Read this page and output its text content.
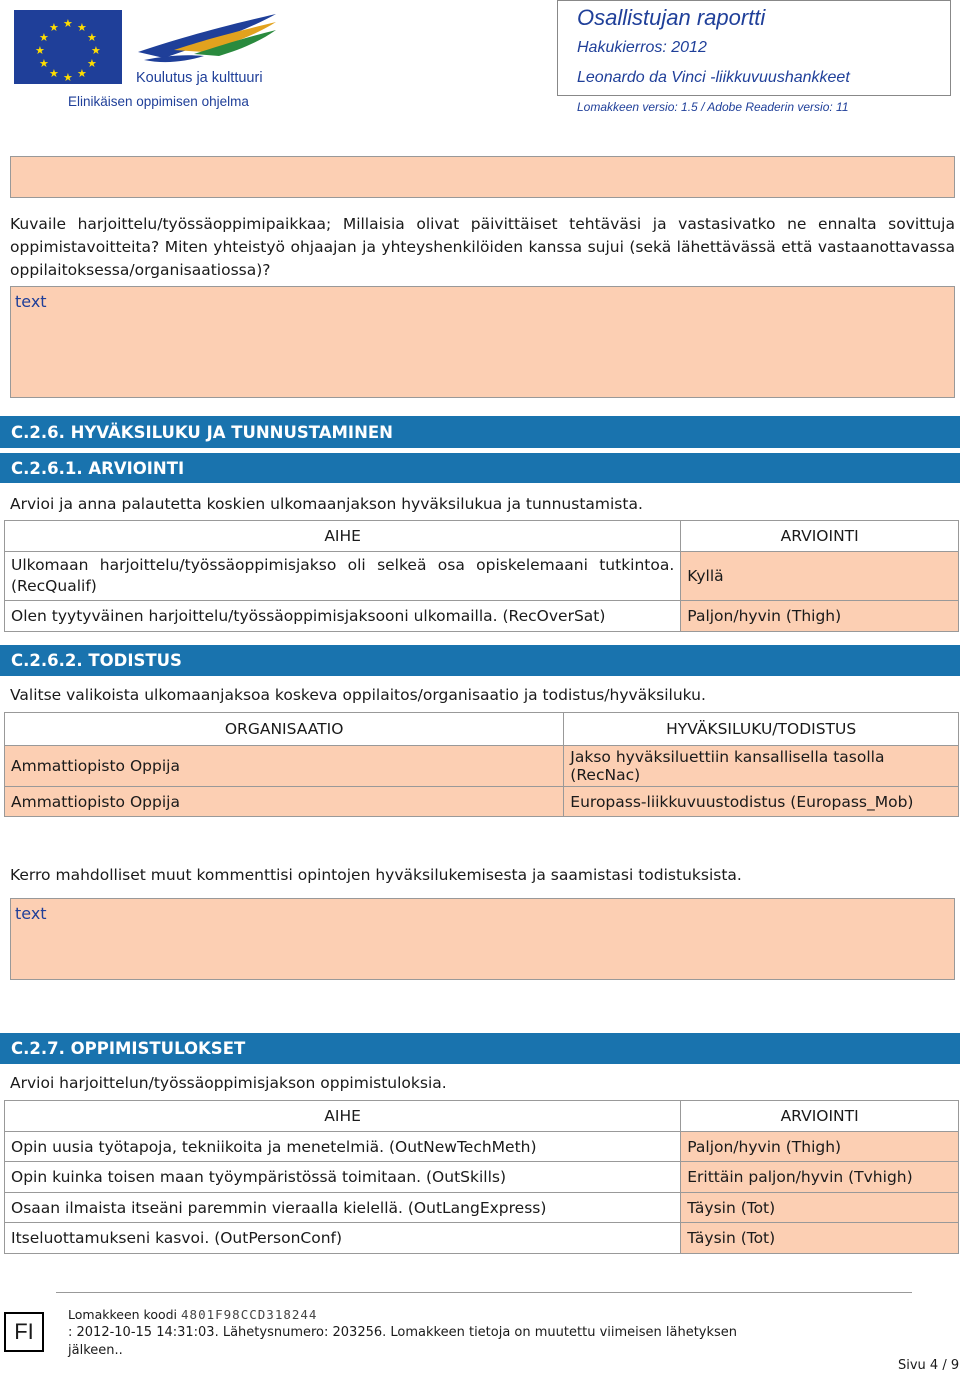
★ ★
★
★
★
★
★
★
★
★
★
★
Koulutus ja kulttuuri
Elinikäisen oppimisen ohjelma
Osallistujan raportti
Hakukierros: 2012
Leonardo da Vinci -liikkuvuushankkeet
Lomakkeen versio: 1.5 / Adobe Readerin versio: 11
Kuvaile harjoittelu/työssäoppimipaikkaa; Millaisia olivat päivittäiset tehtäväsi ja vastasivatko ne ennalta sovittuja oppimistavoitteita? Miten yhteistyö ohjaajan ja yhteyshenkilöiden kanssa sujui (sekä lähettävässä että vastaanottavassa oppilaitoksessa/organisaatiossa)?
text
C.2.6. HYVÄKSILUKU JA TUNNUSTAMINEN
C.2.6.1. ARVIOINTI
Arvioi ja anna palautetta koskien ulkomaanjakson hyväksilukua ja tunnustamista.
AIHE	ARVIOINTI
Ulkomaan harjoittelu/työssäoppimisjakso oli selkeä osa opiskelemaani tutkintoa. (RecQualif)	Kyllä
Olen tyytyväinen harjoittelu/työssäoppimisjaksooni ulkomailla. (RecOverSat)	Paljon/hyvin (Thigh)
C.2.6.2. TODISTUS
Valitse valikoista ulkomaanjaksoa koskeva oppilaitos/organisaatio ja todistus/hyväksiluku.
ORGANISAATIO	HYVÄKSILUKU/TODISTUS
Ammattiopisto Oppija	Jakso hyväksiluettiin kansallisella tasolla (RecNac)
Ammattiopisto Oppija	Europass-liikkuvuustodistus (Europass_Mob)
Kerro mahdolliset muut kommenttisi opintojen hyväksilukemisesta ja saamistasi todistuksista.
text
C.2.7. OPPIMISTULOKSET
Arvioi harjoittelun/työssäoppimisjakson oppimistuloksia.
AIHE	ARVIOINTI
Opin uusia työtapoja, tekniikoita ja menetelmiä. (OutNewTechMeth)	Paljon/hyvin (Thigh)
Opin kuinka toisen maan työympäristössä toimitaan. (OutSkills)	Erittäin paljon/hyvin (Tvhigh)
Osaan ilmaista itseäni paremmin vieraalla kielellä. (OutLangExpress)	Täysin (Tot)
Itseluottamukseni kasvoi. (OutPersonConf)	Täysin (Tot)
FI
Lomakkeen koodi 4801F98CCD318244
: 2012-10-15 14:31:03. Lähetysnumero: 203256. Lomakkeen tietoja on muutettu viimeisen lähetyksen jälkeen..
Sivu 4 / 9
